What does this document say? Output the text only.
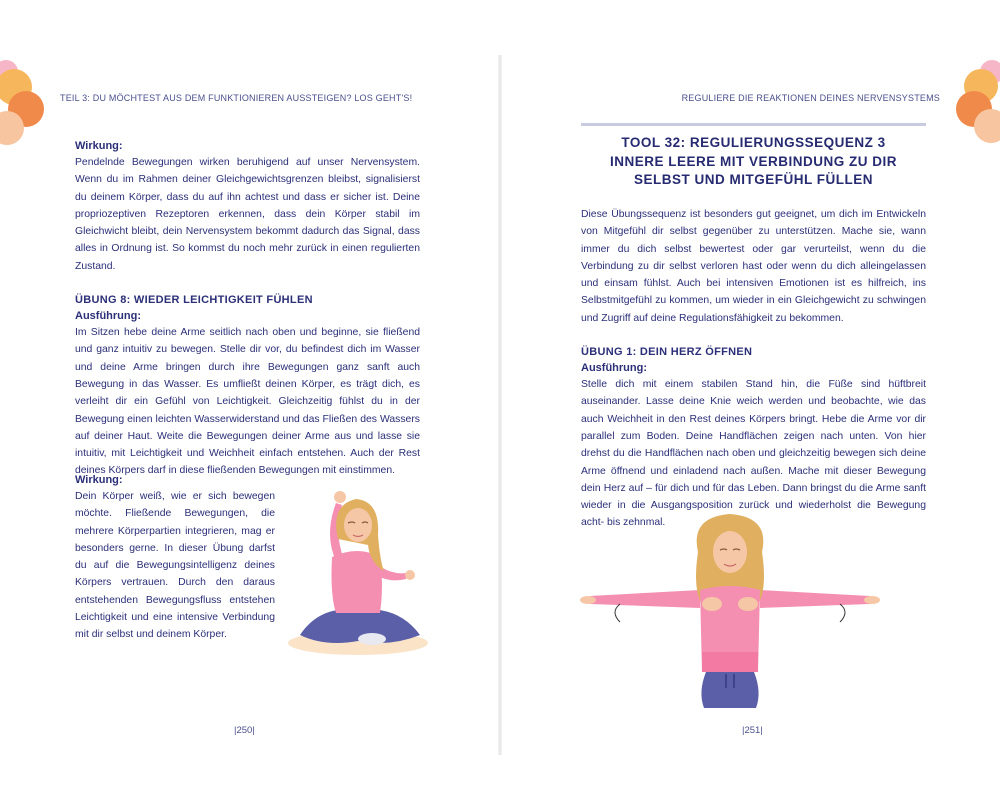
TEIL 3: DU MÖCHTEST AUS DEM FUNKTIONIEREN AUSSTEIGEN? LOS GEHT'S!	REGULIERE DIE REAKTIONEN DEINES NERVENSYSTEMS

Wirkung:

Pendelnde Bewegungen wirken beruhigend auf unser Nervensystem. Wenn du im Rahmen deiner Gleichgewichtsgrenzen bleibst, signalisierst du deinem Körper, dass du auf ihn achtest und dass er sicher ist. Deine propriozeptiven Rezeptoren erkennen, dass dein Körper stabil im Gleichwicht bleibt, dein Nervensystem bekommt dadurch das Signal, dass alles in Ordnung ist. So kommst du noch mehr zurück in einen regulierten Zustand.

ÜBUNG 8: WIEDER LEICHTIGKEIT FÜHLEN

Ausführung:

Im Sitzen hebe deine Arme seitlich nach oben und beginne, sie fließend und ganz intuitiv zu bewegen. Stelle dir vor, du befindest dich im Wasser und deine Arme bringen durch ihre Bewegungen ganz sanft auch Bewegung in das Wasser. Es umfließt deinen Körper, es trägt dich, es verleiht dir ein Gefühl von Leichtigkeit. Gleichzeitig fühlst du in der Bewegung einen leichten Wasserwiderstand und das Fließen des Wassers auf deiner Haut. Weite die Bewegungen deiner Arme aus und lasse sie intuitiv, mit Leichtigkeit und Weichheit einfach entstehen. Auch der Rest deines Körpers darf in diese fließenden Bewegungen mit einstimmen.

Wirkung:

Dein Körper weiß, wie er sich bewegen möchte. Fließende Bewegungen, die mehrere Körperpartien integrieren, mag er besonders gerne. In dieser Übung darfst du auf die Bewegungsintelligenz deines Körpers vertrauen. Durch den daraus entstehenden Bewegungsfluss entstehen Leichtigkeit und eine intensive Verbindung mit dir selbst und deinem Körper.

TOOL 32: REGULIERUNGSSEQUENZ 3
INNERE LEERE MIT VERBINDUNG ZU DIR
SELBST UND MITGEFÜHL FÜLLEN

Diese Übungssequenz ist besonders gut geeignet, um dich im Entwickeln von Mitgefühl dir selbst gegenüber zu unterstützen. Mache sie, wann immer du dich selbst bewertest oder gar verurteilst, wenn du die Verbindung zu dir selbst verloren hast oder wenn du dich alleingelassen und einsam fühlst. Auch bei intensiven Emotionen ist es hilfreich, ins Selbstmitgefühl zu kommen, um wieder in ein Gleichgewicht zu schwingen und Zugriff auf deine Regulationsfähigkeit zu bekommen.

ÜBUNG 1: DEIN HERZ ÖFFNEN

Ausführung:

Stelle dich mit einem stabilen Stand hin, die Füße sind hüftbreit auseinander. Lasse deine Knie weich werden und beobachte, wie das auch Weichheit in den Rest deines Körpers bringt. Hebe die Arme vor dir parallel zum Boden. Deine Handflächen zeigen nach unten. Von hier drehst du die Handflächen nach oben und gleichzeitig bewegen sich deine Arme öffnend und einladend nach außen. Mache mit dieser Bewegung dein Herz auf – für dich und für das Leben. Dann bringst du die Arme sanft wieder in die Ausgangsposition zurück und wiederholst die Bewegung acht- bis zehnmal.

|250|	|251|
